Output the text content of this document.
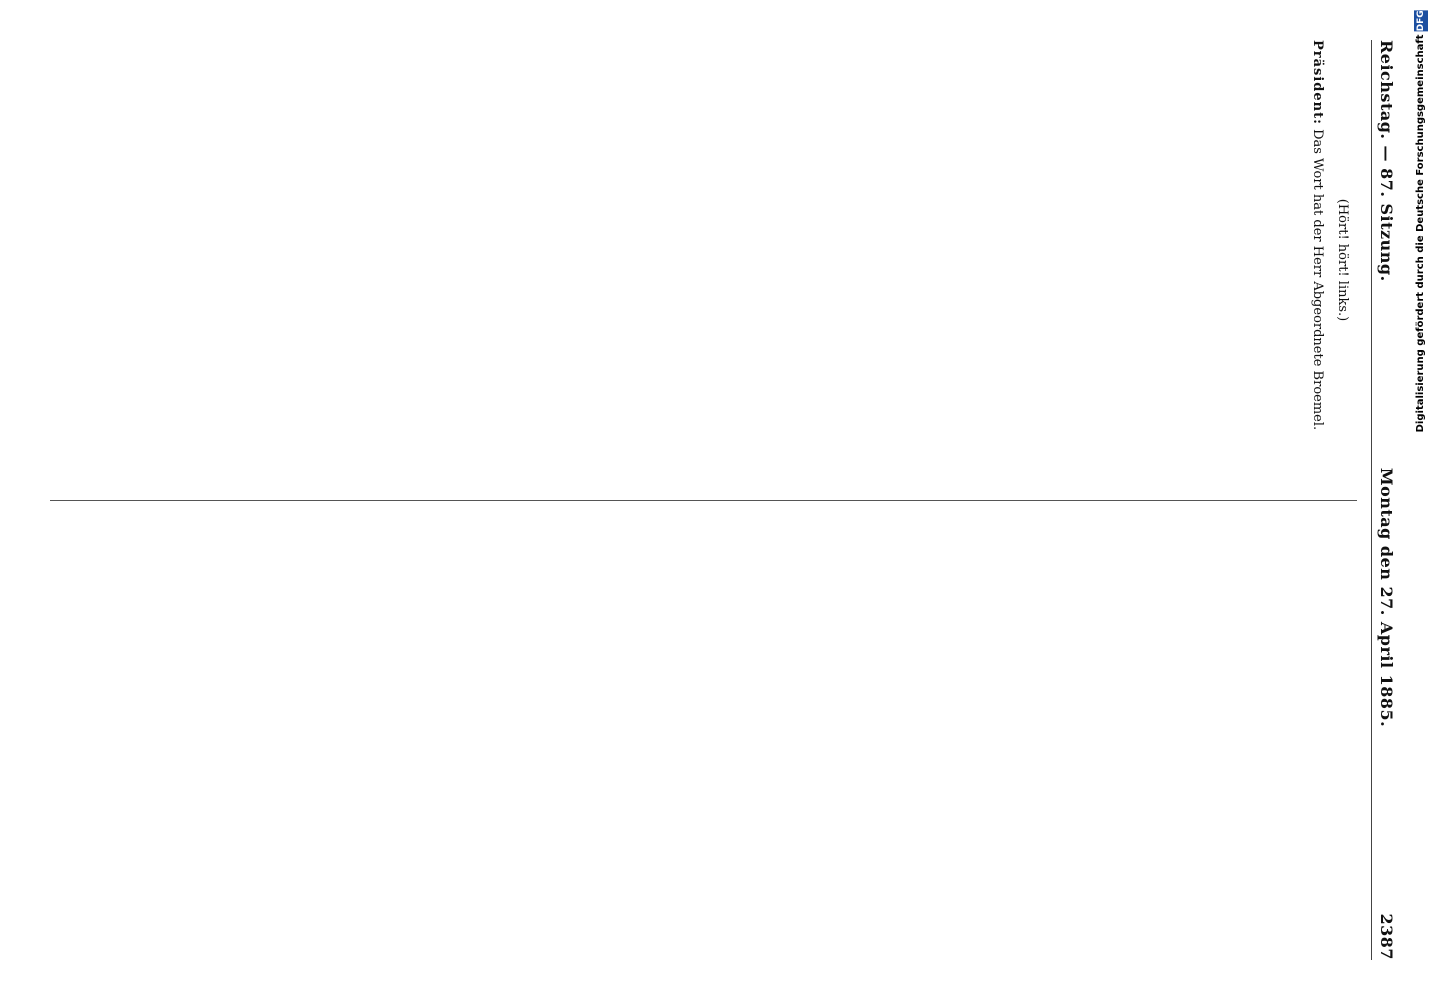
Reichstag. — 87. Sitzung.
Montag den 27. April 1885.
2387

(Hört! hört! links.)

Präsident: Das Wort hat der Herr Abgeordnete Broemel.	Digitalisierung gefördert durch die Deutsche Forschungsgemeinschaft DFG
